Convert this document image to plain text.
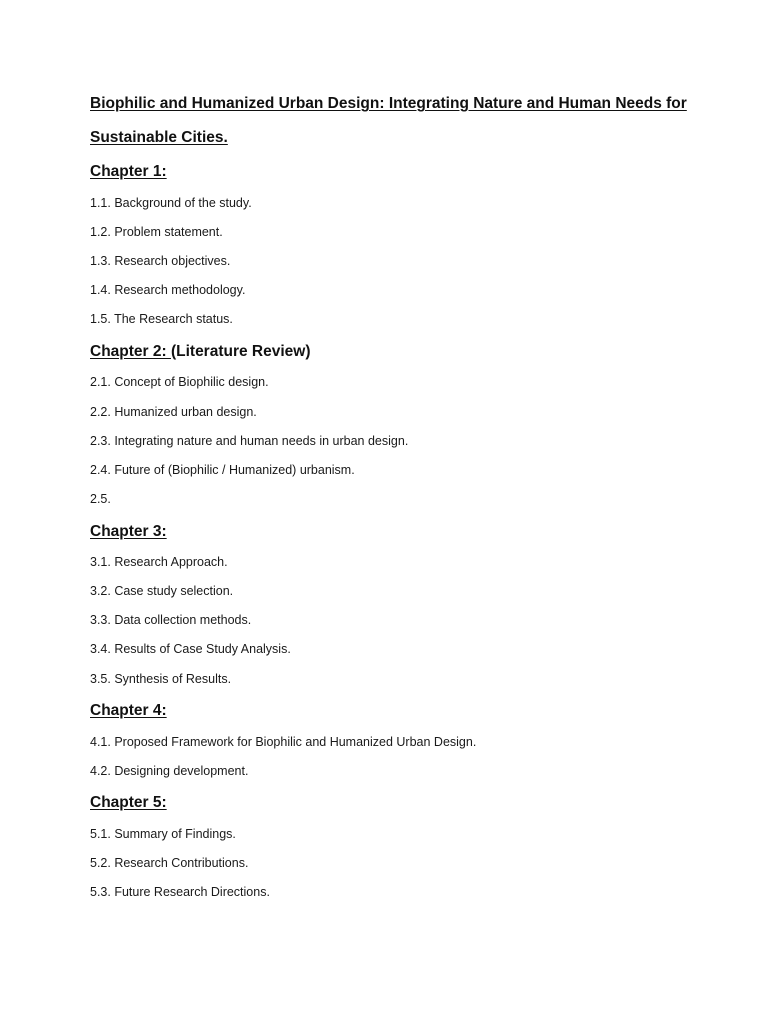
Biophilic and Humanized Urban Design: Integrating Nature and Human Needs for
Sustainable Cities.
Chapter 1:
1.1. Background of the study.
1.2. Problem statement.
1.3. Research objectives.
1.4. Research methodology.
1.5. The Research status.
Chapter 2: (Literature Review)
2.1. Concept of Biophilic design.
2.2. Humanized urban design.
2.3. Integrating nature and human needs in urban design.
2.4. Future of (Biophilic / Humanized) urbanism.
2.5.
Chapter 3:
3.1. Research Approach.
3.2. Case study selection.
3.3. Data collection methods.
3.4. Results of Case Study Analysis.
3.5. Synthesis of Results.
Chapter 4:
4.1. Proposed Framework for Biophilic and Humanized Urban Design.
4.2. Designing development.
Chapter 5:
5.1. Summary of Findings.
5.2. Research Contributions.
5.3. Future Research Directions.
